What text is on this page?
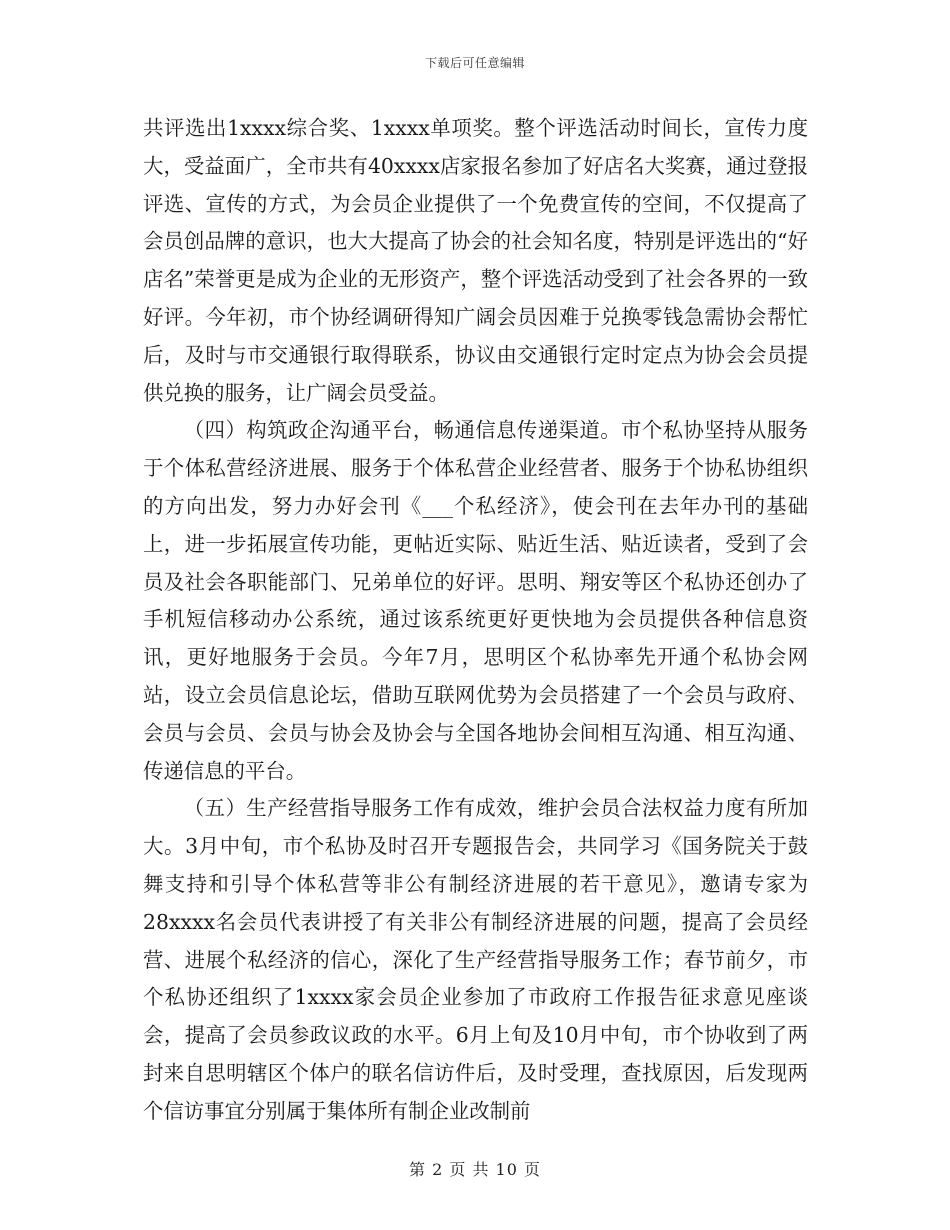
下载后可任意编辑

共评选出1xxxx综合奖、1xxxx单项奖。整个评选活动时间长，宣传力度大，受益面广，全市共有40xxxx店家报名参加了好店名大奖赛，通过登报评选、宣传的方式，为会员企业提供了一个免费宣传的空间，不仅提高了会员创品牌的意识，也大大提高了协会的社会知名度，特别是评选出的“好店名”荣誉更是成为企业的无形资产，整个评选活动受到了社会各界的一致好评。今年初，市个协经调研得知广阔会员因难于兑换零钱急需协会帮忙后，及时与市交通银行取得联系，协议由交通银行定时定点为协会会员提供兑换的服务，让广阔会员受益。

（四）构筑政企沟通平台，畅通信息传递渠道。市个私协坚持从服务于个体私营经济进展、服务于个体私营企业经营者、服务于个协私协组织的方向出发，努力办好会刊《___个私经济》，使会刊在去年办刊的基础上，进一步拓展宣传功能，更帖近实际、贴近生活、贴近读者，受到了会员及社会各职能部门、兄弟单位的好评。思明、翔安等区个私协还创办了手机短信移动办公系统，通过该系统更好更快地为会员提供各种信息资讯，更好地服务于会员。今年7月，思明区个私协率先开通个私协会网站，设立会员信息论坛，借助互联网优势为会员搭建了一个会员与政府、会员与会员、会员与协会及协会与全国各地协会间相互沟通、相互沟通、传递信息的平台。

（五）生产经营指导服务工作有成效，维护会员合法权益力度有所加大。3月中旬，市个私协及时召开专题报告会，共同学习《国务院关于鼓舞支持和引导个体私营等非公有制经济进展的若干意见》，邀请专家为28xxxx名会员代表讲授了有关非公有制经济进展的问题，提高了会员经营、进展个私经济的信心，深化了生产经营指导服务工作；春节前夕，市个私协还组织了1xxxx家会员企业参加了市政府工作报告征求意见座谈会，提高了会员参政议政的水平。6月上旬及10月中旬，市个协收到了两封来自思明辖区个体户的联名信访件后，及时受理，查找原因，后发现两个信访事宜分别属于集体所有制企业改制前

第 2 页 共 10 页
